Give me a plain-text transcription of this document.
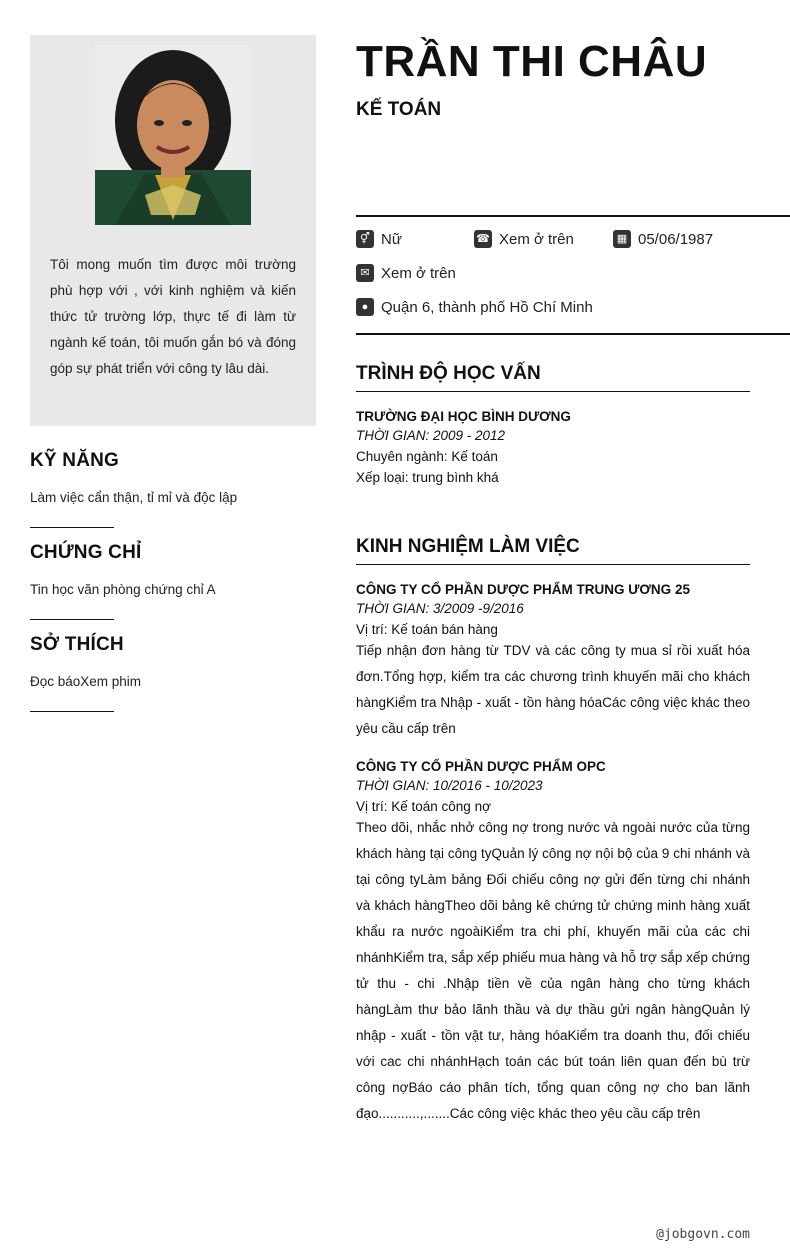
Tôi mong muốn tìm được môi trường phù hợp với , với kinh nghiệm và kiến thức tử trường lớp, thực tế đi làm từ ngành kế toán, tôi muốn gắn bó và đóng góp sự phát triển với công ty lâu dài.
KỸ NĂNG

Làm việc cẩn thận, tỉ mỉ và độc lập

CHỨNG CHỈ

Tin học văn phòng chứng chỉ A

SỞ THÍCH

Đọc báoXem phim

TRẦN THI CHÂU
KẾ TOÁN
⚥ Nữ	☎ Xem ở trên	▦ 05/06/1987
✉ Xem ở trên
● Quận 6, thành phố Hồ Chí Minh
TRÌNH ĐỘ HỌC VẤN
TRƯỜNG ĐẠI HỌC BÌNH DƯƠNG
THỜI GIAN: 2009 - 2012
Chuyên ngành: Kế toán
Xếp loại: trung bình khá
KINH NGHIỆM LÀM VIỆC
CÔNG TY CỔ PHẦN DƯỢC PHẨM TRUNG ƯƠNG 25
THỜI GIAN: 3/2009 -9/2016
Vị trí: Kế toán bán hàng
Tiếp nhận đơn hàng từ TDV và các công ty mua sỉ rồi xuất hóa đơn.Tổng hợp, kiểm tra các chương trình khuyến mãi cho khách hàngKiểm tra Nhập - xuất - tồn hàng hóaCác công việc khác theo yêu cầu cấp trên
CÔNG TY CỔ PHẦN DƯỢC PHẨM OPC
THỜI GIAN: 10/2016 - 10/2023
Vị trí: Kế toán công nợ
Theo dõi, nhắc nhở công nợ trong nước và ngoài nước của từng khách hàng tại công tyQuản lý công nợ nội bộ của 9 chi nhánh và tại công tyLàm bảng Đối chiếu công nợ gửi đến từng chi nhánh và khách hàngTheo dõi bảng kê chứng tử chứng minh hàng xuất khẩu ra nước ngoàiKiểm tra chi phí, khuyến mãi của các chi nhánhKiểm tra, sắp xếp phiếu mua hàng và hỗ trợ sắp xếp chứng tử thu - chi .Nhập tiền về của ngân hàng cho từng khách hàngLàm thư bảo lãnh thầu và dự thầu gửi ngân hàngQuản lý nhập - xuất - tồn vật tư, hàng hóaKiểm tra doanh thu, đối chiếu với cac chi nhánhHạch toán các bút toán liên quan đến bù trừ công nợBáo cáo phân tích, tổng quan công nợ cho ban lãnh đạo...........,.......Các công việc khác theo yêu cầu cấp trên
@jobgovn.com
